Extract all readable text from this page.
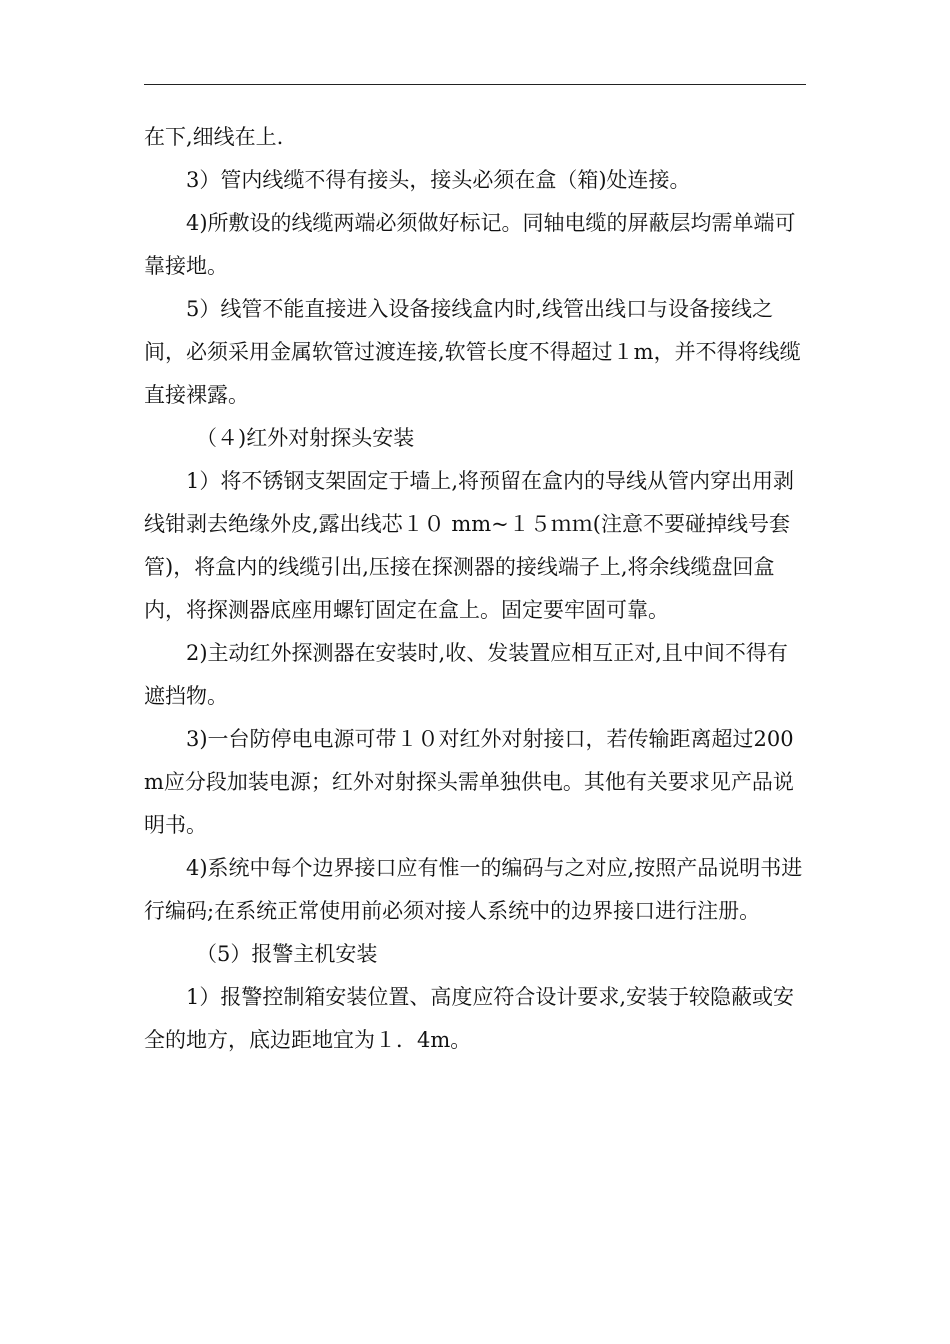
在下,细线在上.

3）管内线缆不得有接头，接头必须在盒（箱)处连接。

4)所敷设的线缆两端必须做好标记。同轴电缆的屏蔽层均需单端可靠接地。

5）线管不能直接进入设备接线盒内时,线管出线口与设备接线之间，必须采用金属软管过渡连接,软管长度不得超过１m，并不得将线缆直接裸露。

（４)红外对射探头安装

1）将不锈钢支架固定于墙上,将预留在盒内的导线从管内穿出用剥线钳剥去绝缘外皮,露出线芯１０ mm~１５ｍｍ(注意不要碰掉线号套管)，将盒内的线缆引出,压接在探测器的接线端子上,将余线缆盘回盒内，将探测器底座用螺钉固定在盒上。固定要牢固可靠。

2)主动红外探测器在安装时,收、发装置应相互正对,且中间不得有遮挡物。

3)一台防停电电源可带１０对红外对射接口，若传输距离超过200m应分段加装电源；红外对射探头需单独供电。其他有关要求见产品说明书。

4)系统中每个边界接口应有惟一的编码与之对应,按照产品说明书进行编码;在系统正常使用前必须对接人系统中的边界接口进行注册。

（5）报警主机安装

1）报警控制箱安装位置、高度应符合设计要求,安装于较隐蔽或安全的地方，底边距地宜为１．4m。
